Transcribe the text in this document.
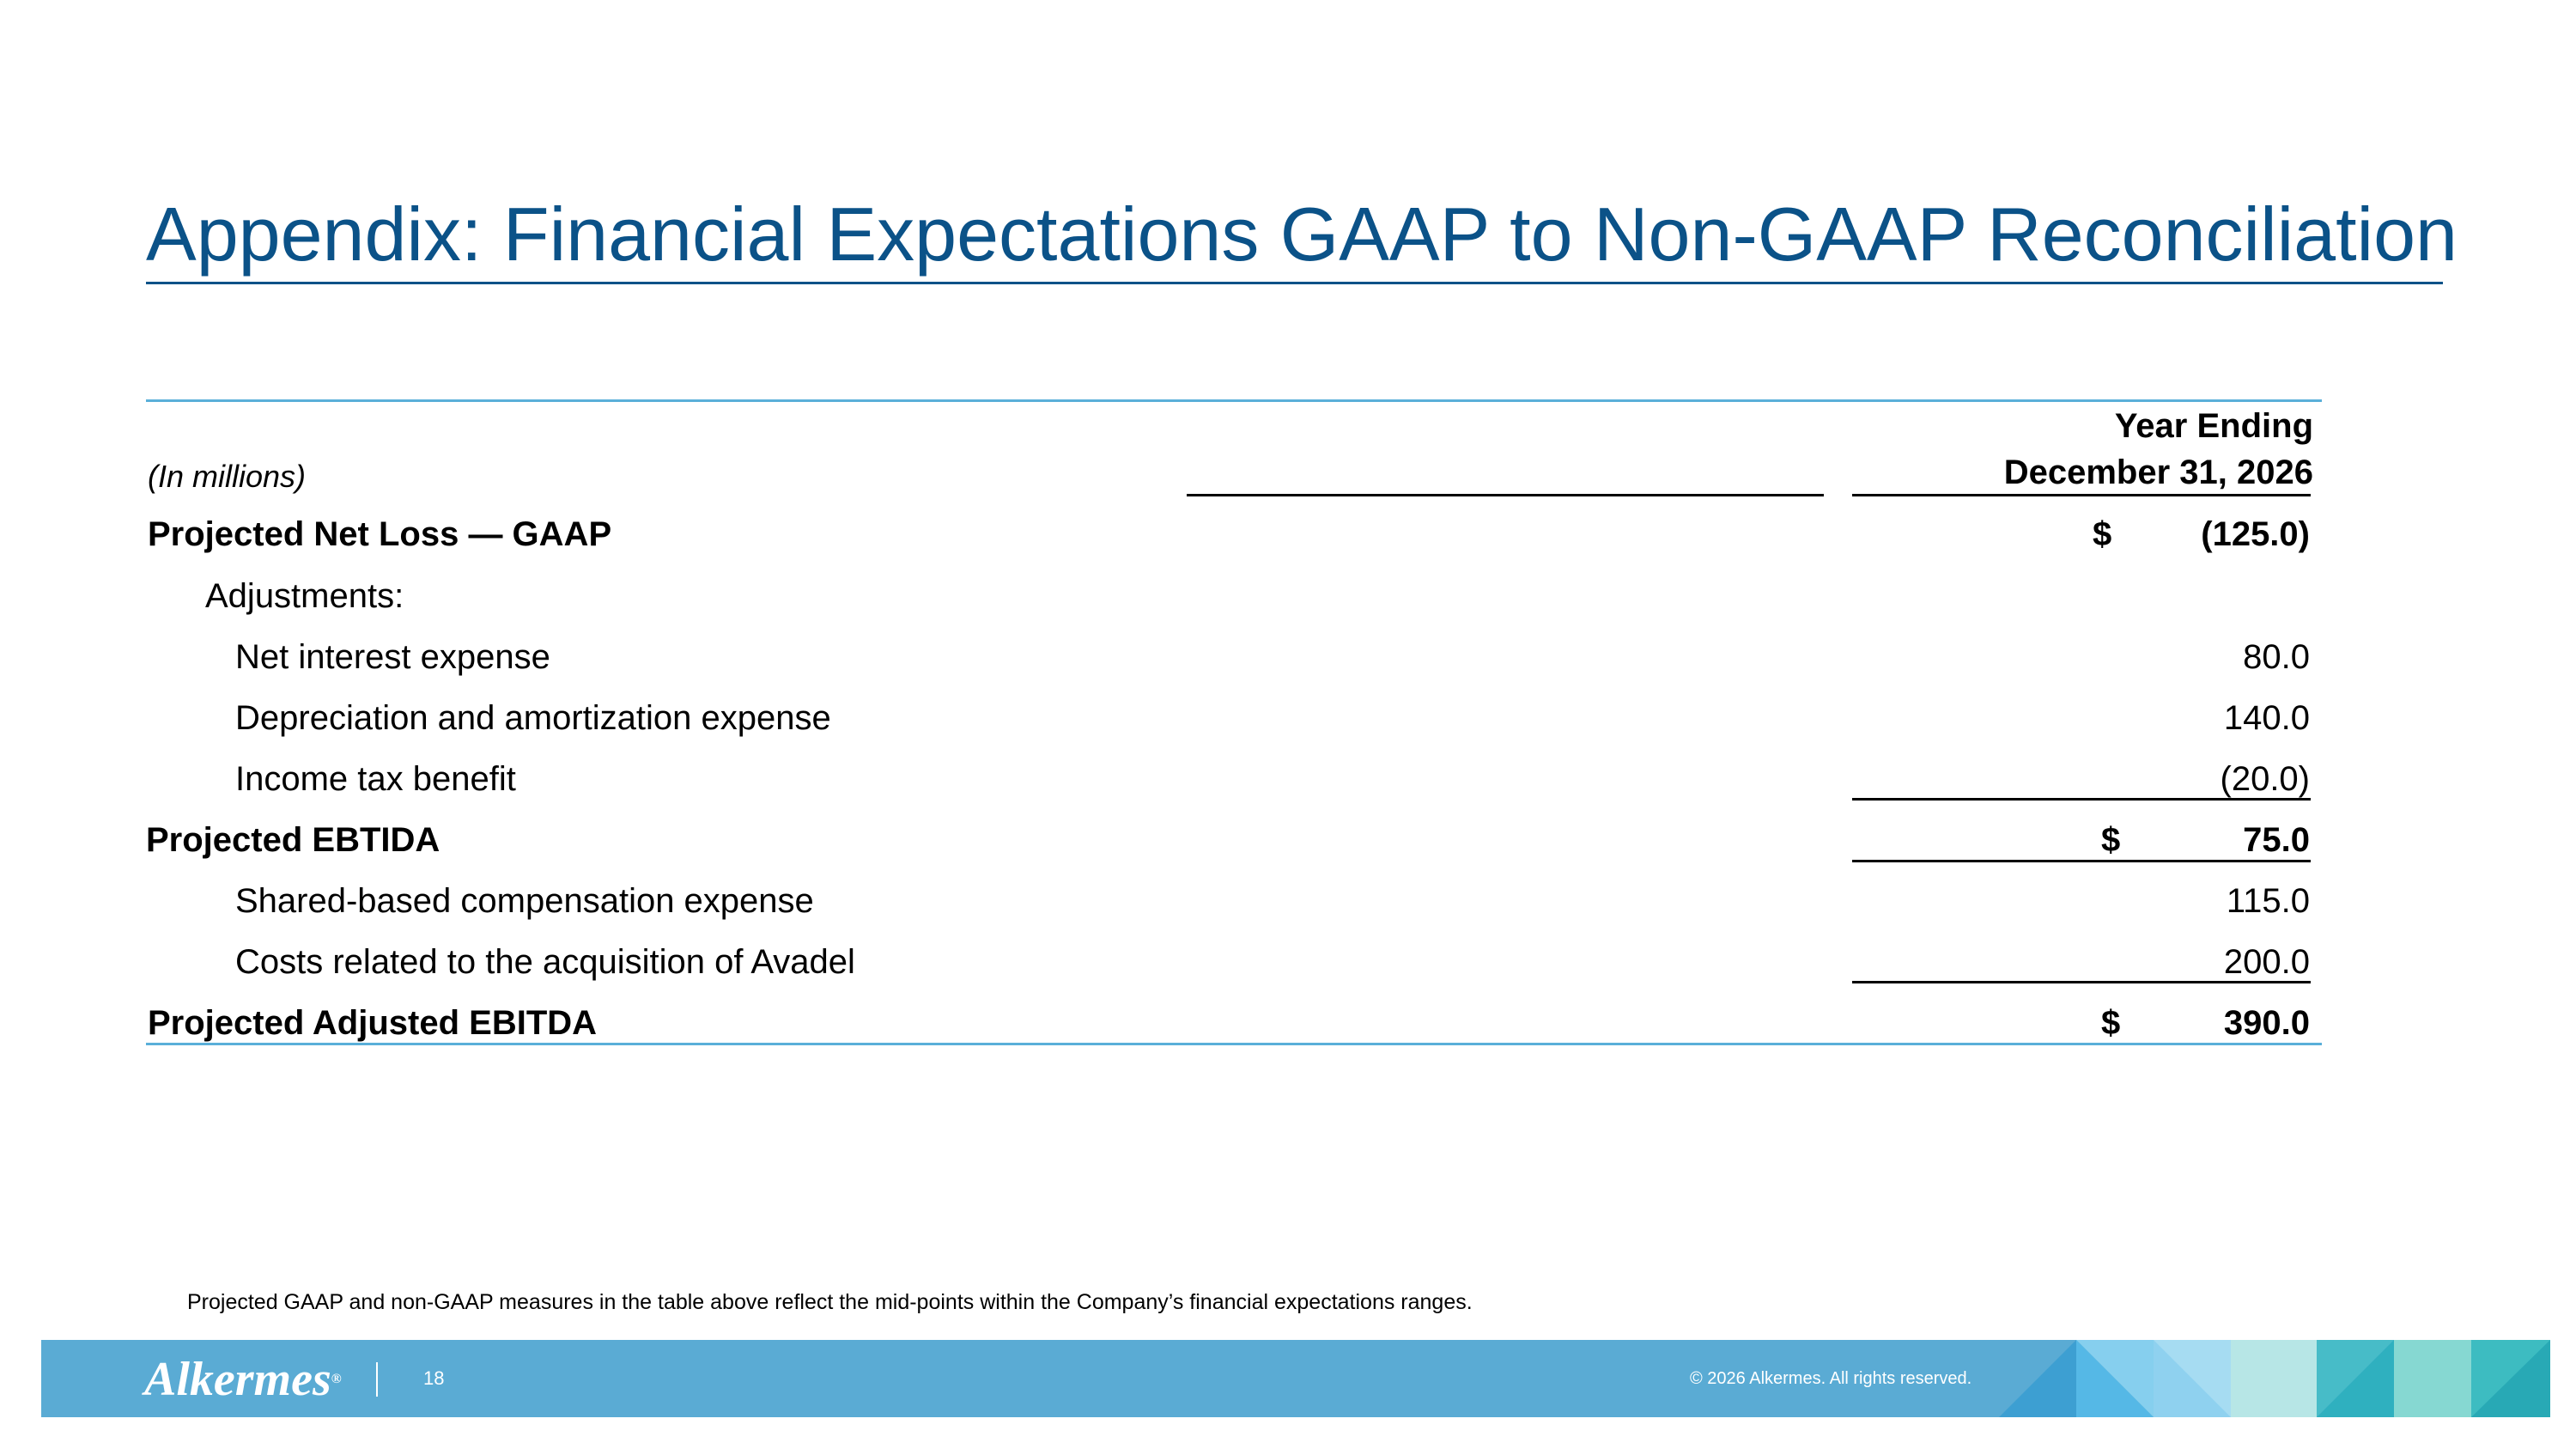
Appendix: Financial Expectations GAAP to Non-GAAP Reconciliation
Year Ending
December 31, 2026
(In millions)
Projected Net Loss — GAAP	$	(125.0)
Adjustments:
Net interest expense	80.0
Depreciation and amortization expense	140.0
Income tax benefit	(20.0)
Projected EBTIDA	$	75.0
Shared-based compensation expense	115.0
Costs related to the acquisition of Avadel	200.0
Projected Adjusted EBITDA	$	390.0
Projected GAAP and non-GAAP measures in the table above reflect the mid-points within the Company’s financial expectations ranges.
Alkermes®	18	© 2026 Alkermes. All rights reserved.
